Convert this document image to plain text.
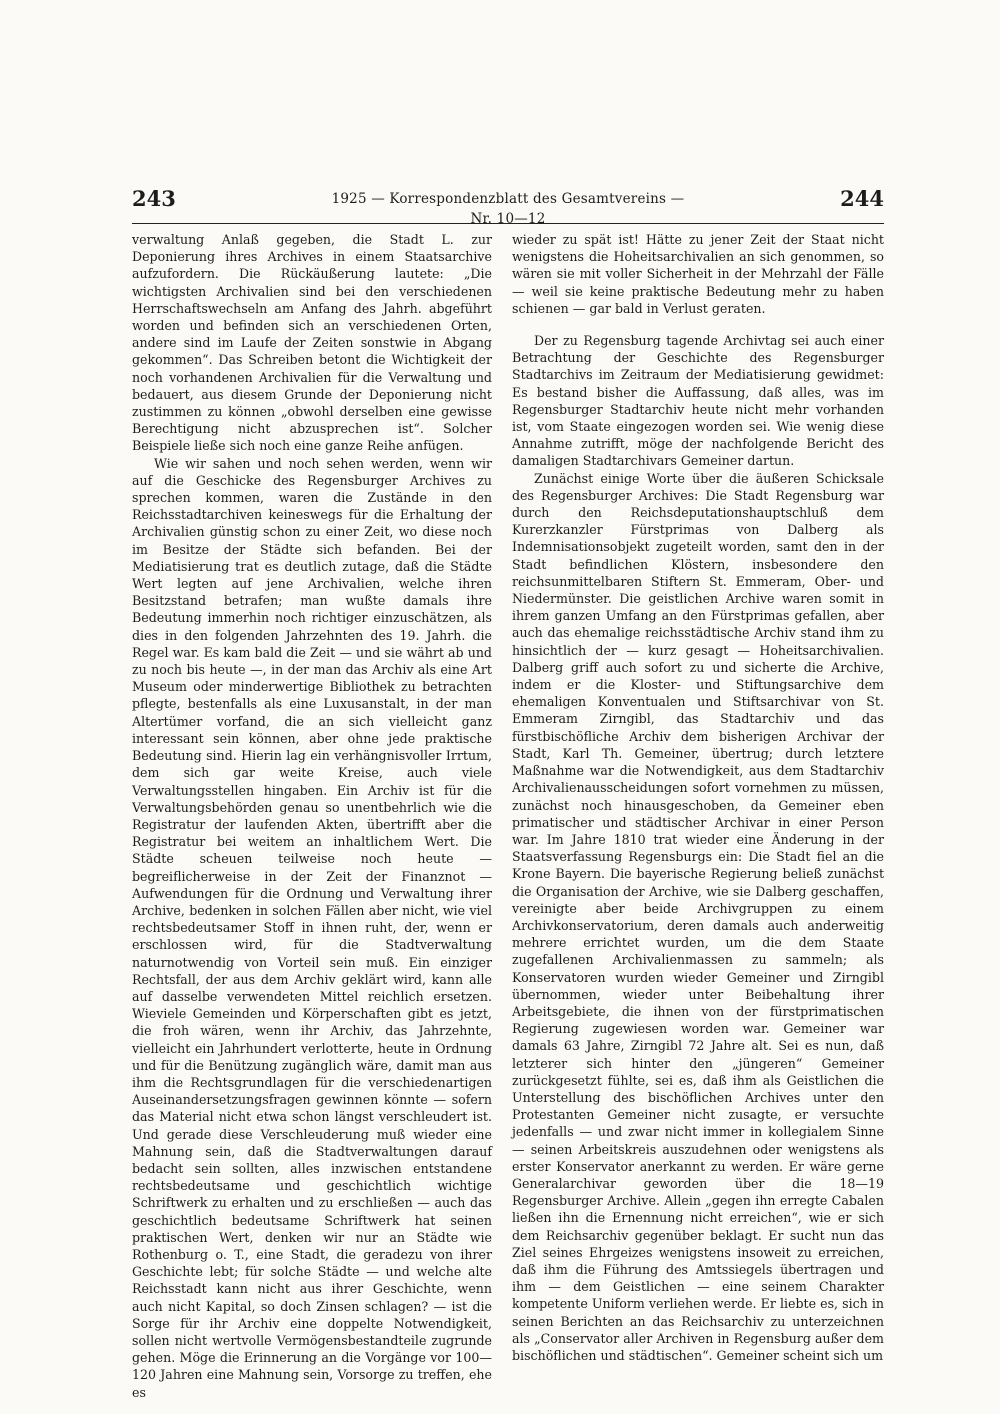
243	1925 — Korrespondenzblatt des Gesamtvereins — Nr. 10—12
244

verwaltung Anlaß gegeben, die Stadt L. zur Deponierung ihres Archives in einem Staatsarchive aufzufordern. Die Rückäußerung lautete: „Die wichtigsten Archivalien sind bei den verschiedenen Herrschaftswechseln am Anfang des Jahrh. abgeführt worden und befinden sich an verschiedenen Orten, andere sind im Laufe der Zeiten sonstwie in Abgang gekommen“. Das Schreiben betont die Wichtigkeit der noch vorhandenen Archivalien für die Verwaltung und bedauert, aus diesem Grunde der Deponierung nicht zustimmen zu können „obwohl derselben eine gewisse Berechtigung nicht abzusprechen ist“. Solcher Beispiele ließe sich noch eine ganze Reihe anfügen.

Wie wir sahen und noch sehen werden, wenn wir auf die Geschicke des Regensburger Archives zu sprechen kommen, waren die Zustände in den Reichsstadtarchiven keineswegs für die Erhaltung der Archivalien günstig schon zu einer Zeit, wo diese noch im Besitze der Städte sich befanden. Bei der Mediatisierung trat es deutlich zutage, daß die Städte Wert legten auf jene Archivalien, welche ihren Besitzstand betrafen; man wußte damals ihre Bedeutung immerhin noch richtiger einzuschätzen, als dies in den folgenden Jahrzehnten des 19. Jahrh. die Regel war. Es kam bald die Zeit — und sie währt ab und zu noch bis heute —, in der man das Archiv als eine Art Museum oder minderwertige Bibliothek zu betrachten pflegte, bestenfalls als eine Luxusanstalt, in der man Altertümer vorfand, die an sich vielleicht ganz interessant sein können, aber ohne jede praktische Bedeutung sind. Hierin lag ein verhängnisvoller Irrtum, dem sich gar weite Kreise, auch viele Verwaltungsstellen hingaben. Ein Archiv ist für die Verwaltungsbehörden genau so unentbehrlich wie die Registratur der laufenden Akten, übertrifft aber die Registratur bei weitem an inhaltlichem Wert. Die Städte scheuen teilweise noch heute — begreiflicherweise in der Zeit der Finanznot — Aufwendungen für die Ordnung und Verwaltung ihrer Archive, bedenken in solchen Fällen aber nicht, wie viel rechtsbedeutsamer Stoff in ihnen ruht, der, wenn er erschlossen wird, für die Stadtverwaltung naturnotwendig von Vorteil sein muß. Ein einziger Rechtsfall, der aus dem Archiv geklärt wird, kann alle auf dasselbe verwendeten Mittel reichlich ersetzen. Wieviele Gemeinden und Körperschaften gibt es jetzt, die froh wären, wenn ihr Archiv, das Jahrzehnte, vielleicht ein Jahrhundert verlotterte, heute in Ordnung und für die Benützung zugänglich wäre, damit man aus ihm die Rechtsgrundlagen für die verschiedenartigen Auseinandersetzungsfragen gewinnen könnte — sofern das Material nicht etwa schon längst verschleudert ist. Und gerade diese Verschleuderung muß wieder eine Mahnung sein, daß die Stadtverwaltungen darauf bedacht sein sollten, alles inzwischen entstandene rechtsbedeutsame und geschichtlich wichtige Schriftwerk zu erhalten und zu erschließen — auch das geschichtlich bedeutsame Schriftwerk hat seinen praktischen Wert, denken wir nur an Städte wie Rothenburg o. T., eine Stadt, die geradezu von ihrer Geschichte lebt; für solche Städte — und welche alte Reichsstadt kann nicht aus ihrer Geschichte, wenn auch nicht Kapital, so doch Zinsen schlagen? — ist die Sorge für ihr Archiv eine doppelte Notwendigkeit, sollen nicht wertvolle Vermögensbestandteile zugrunde gehen. Möge die Erinnerung an die Vorgänge vor 100—120 Jahren eine Mahnung sein, Vorsorge zu treffen, ehe es

wieder zu spät ist! Hätte zu jener Zeit der Staat nicht wenigstens die Hoheitsarchivalien an sich genommen, so wären sie mit voller Sicherheit in der Mehrzahl der Fälle — weil sie keine praktische Bedeutung mehr zu haben schienen — gar bald in Verlust geraten.

Der zu Regensburg tagende Archivtag sei auch einer Betrachtung der Geschichte des Regensburger Stadtarchivs im Zeitraum der Mediatisierung gewidmet: Es bestand bisher die Auffassung, daß alles, was im Regensburger Stadtarchiv heute nicht mehr vorhanden ist, vom Staate eingezogen worden sei. Wie wenig diese Annahme zutrifft, möge der nachfolgende Bericht des damaligen Stadtarchivars Gemeiner dartun.

Zunächst einige Worte über die äußeren Schicksale des Regensburger Archives: Die Stadt Regensburg war durch den Reichsdeputationshauptschluß dem Kurerzkanzler Fürstprimas von Dalberg als Indemnisationsobjekt zugeteilt worden, samt den in der Stadt befindlichen Klöstern, insbesondere den reichsunmittelbaren Stiftern St. Emmeram, Ober- und Niedermünster. Die geistlichen Archive waren somit in ihrem ganzen Umfang an den Fürstprimas gefallen, aber auch das ehemalige reichsstädtische Archiv stand ihm zu hinsichtlich der — kurz gesagt — Hoheitsarchivalien. Dalberg griff auch sofort zu und sicherte die Archive, indem er die Kloster- und Stiftungsarchive dem ehemaligen Konventualen und Stiftsarchivar von St. Emmeram Zirngibl, das Stadtarchiv und das fürstbischöfliche Archiv dem bisherigen Archivar der Stadt, Karl Th. Gemeiner, übertrug; durch letztere Maßnahme war die Notwendigkeit, aus dem Stadtarchiv Archivalienausscheidungen sofort vornehmen zu müssen, zunächst noch hinausgeschoben, da Gemeiner eben primatischer und städtischer Archivar in einer Person war. Im Jahre 1810 trat wieder eine Änderung in der Staatsverfassung Regensburgs ein: Die Stadt fiel an die Krone Bayern. Die bayerische Regierung beließ zunächst die Organisation der Archive, wie sie Dalberg geschaffen, vereinigte aber beide Archivgruppen zu einem Archivkonservatorium, deren damals auch anderweitig mehrere errichtet wurden, um die dem Staate zugefallenen Archivalienmassen zu sammeln; als Konservatoren wurden wieder Gemeiner und Zirngibl übernommen, wieder unter Beibehaltung ihrer Arbeitsgebiete, die ihnen von der fürstprimatischen Regierung zugewiesen worden war. Gemeiner war damals 63 Jahre, Zirngibl 72 Jahre alt. Sei es nun, daß letzterer sich hinter den „jüngeren“ Gemeiner zurückgesetzt fühlte, sei es, daß ihm als Geistlichen die Unterstellung des bischöflichen Archives unter den Protestanten Gemeiner nicht zusagte, er versuchte jedenfalls — und zwar nicht immer in kollegialem Sinne — seinen Arbeitskreis auszudehnen oder wenigstens als erster Konservator anerkannt zu werden. Er wäre gerne Generalarchivar geworden über die 18—19 Regensburger Archive. Allein „gegen ihn erregte Cabalen ließen ihn die Ernennung nicht erreichen“, wie er sich dem Reichsarchiv gegenüber beklagt. Er sucht nun das Ziel seines Ehrgeizes wenigstens insoweit zu erreichen, daß ihm die Führung des Amtssiegels übertragen und ihm — dem Geistlichen — eine seinem Charakter kompetente Uniform verliehen werde. Er liebte es, sich in seinen Berichten an das Reichsarchiv zu unterzeichnen als „Conservator aller Archiven in Regensburg außer dem bischöflichen und städtischen“. Gemeiner scheint sich um
